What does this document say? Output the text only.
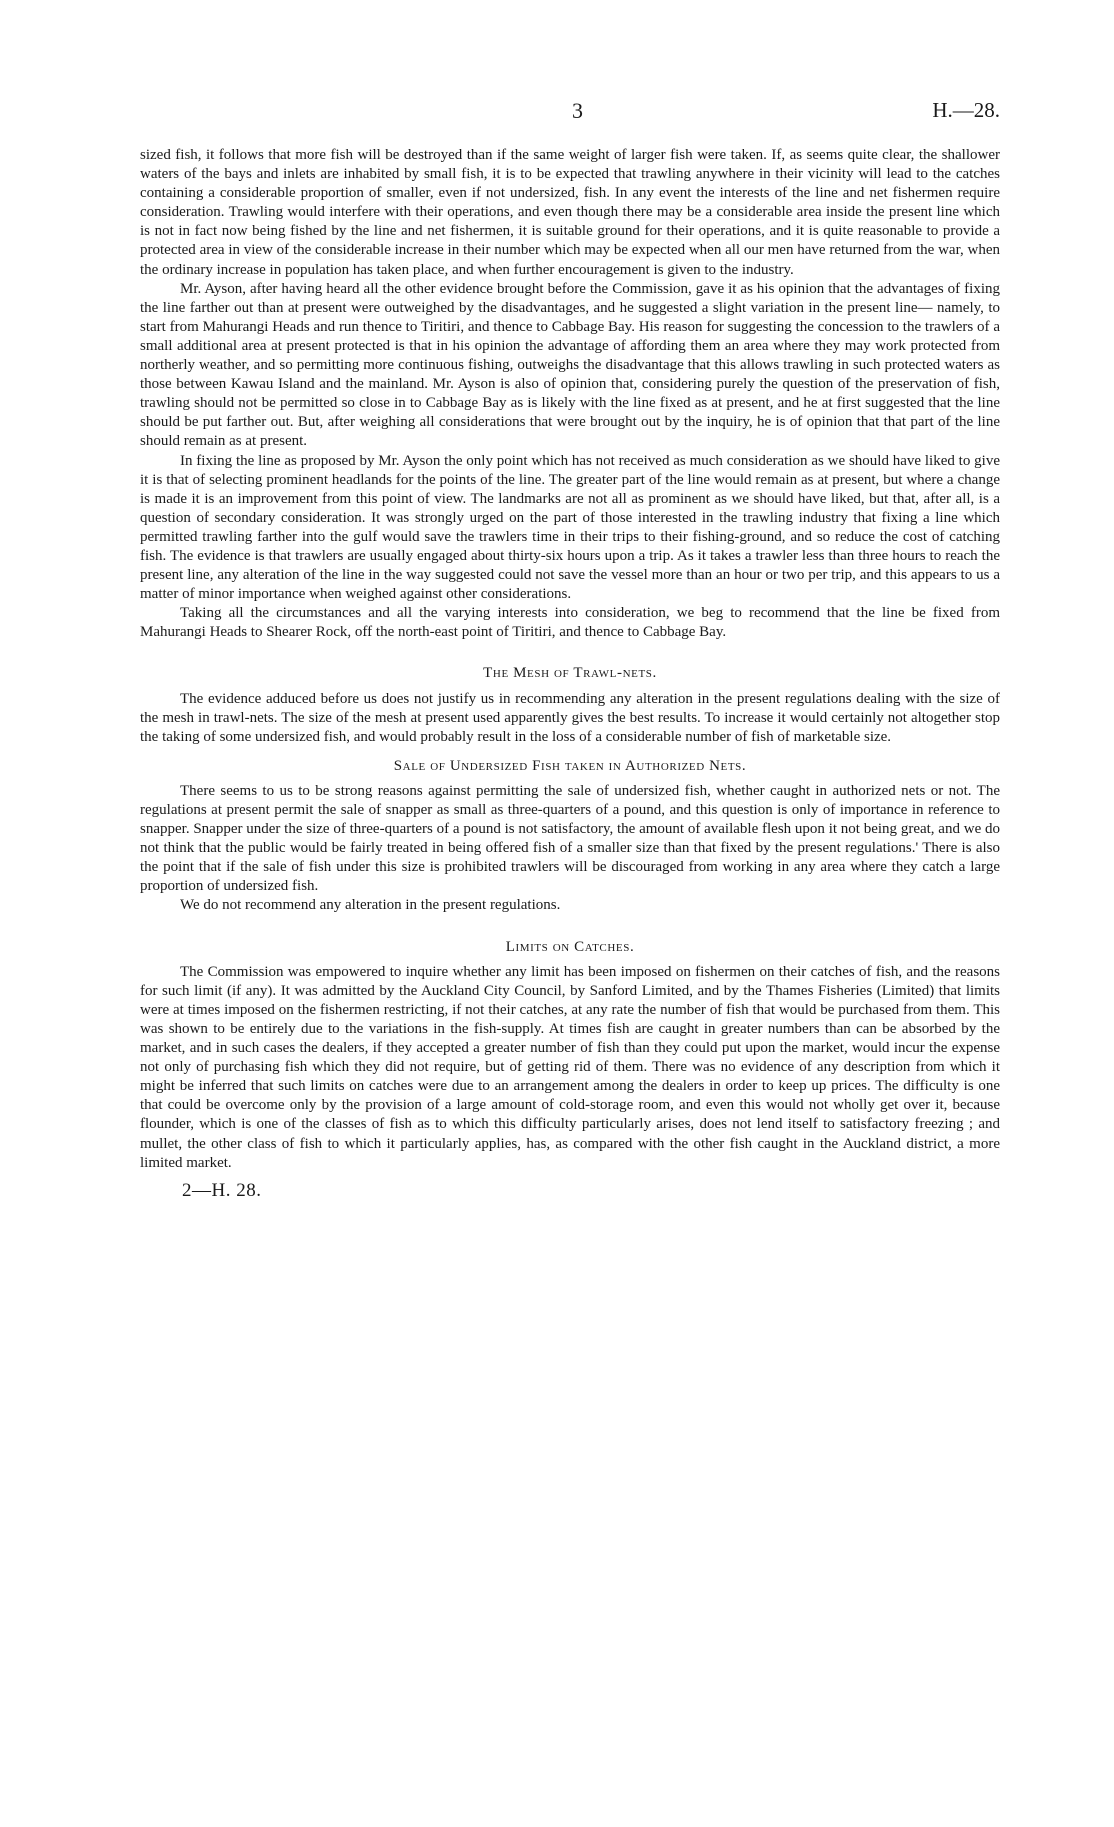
3	H.—28.

sized fish, it follows that more fish will be destroyed than if the same weight of larger fish were taken. If, as seems quite clear, the shallower waters of the bays and inlets are inhabited by small fish, it is to be expected that trawling anywhere in their vicinity will lead to the catches containing a considerable proportion of smaller, even if not undersized, fish. In any event the interests of the line and net fishermen require consideration. Trawling would interfere with their operations, and even though there may be a considerable area inside the present line which is not in fact now being fished by the line and net fishermen, it is suitable ground for their operations, and it is quite reasonable to provide a protected area in view of the considerable increase in their number which may be expected when all our men have returned from the war, when the ordinary increase in population has taken place, and when further encouragement is given to the industry.

Mr. Ayson, after having heard all the other evidence brought before the Commission, gave it as his opinion that the advantages of fixing the line farther out than at present were outweighed by the disadvantages, and he suggested a slight variation in the present line— namely, to start from Mahurangi Heads and run thence to Tiritiri, and thence to Cabbage Bay. His reason for suggesting the concession to the trawlers of a small additional area at present protected is that in his opinion the advantage of affording them an area where they may work protected from northerly weather, and so permitting more continuous fishing, outweighs the disadvantage that this allows trawling in such protected waters as those between Kawau Island and the mainland. Mr. Ayson is also of opinion that, considering purely the question of the preservation of fish, trawling should not be permitted so close in to Cabbage Bay as is likely with the line fixed as at present, and he at first suggested that the line should be put farther out. But, after weighing all considerations that were brought out by the inquiry, he is of opinion that that part of the line should remain as at present.

In fixing the line as proposed by Mr. Ayson the only point which has not received as much consideration as we should have liked to give it is that of selecting prominent headlands for the points of the line. The greater part of the line would remain as at present, but where a change is made it is an improvement from this point of view. The landmarks are not all as prominent as we should have liked, but that, after all, is a question of secondary consideration. It was strongly urged on the part of those interested in the trawling industry that fixing a line which permitted trawling farther into the gulf would save the trawlers time in their trips to their fishing-ground, and so reduce the cost of catching fish. The evidence is that trawlers are usually engaged about thirty-six hours upon a trip. As it takes a trawler less than three hours to reach the present line, any alteration of the line in the way suggested could not save the vessel more than an hour or two per trip, and this appears to us a matter of minor importance when weighed against other considerations.

Taking all the circumstances and all the varying interests into consideration, we beg to recommend that the line be fixed from Mahurangi Heads to Shearer Rock, off the north-east point of Tiritiri, and thence to Cabbage Bay.

The Mesh of Trawl-nets.

The evidence adduced before us does not justify us in recommending any alteration in the present regulations dealing with the size of the mesh in trawl-nets. The size of the mesh at present used apparently gives the best results. To increase it would certainly not altogether stop the taking of some undersized fish, and would probably result in the loss of a considerable number of fish of marketable size.

Sale of Undersized Fish taken in Authorized Nets.

There seems to us to be strong reasons against permitting the sale of undersized fish, whether caught in authorized nets or not. The regulations at present permit the sale of snapper as small as three-quarters of a pound, and this question is only of importance in reference to snapper. Snapper under the size of three-quarters of a pound is not satisfactory, the amount of available flesh upon it not being great, and we do not think that the public would be fairly treated in being offered fish of a smaller size than that fixed by the present regulations.' There is also the point that if the sale of fish under this size is prohibited trawlers will be discouraged from working in any area where they catch a large proportion of undersized fish.

We do not recommend any alteration in the present regulations.

Limits on Catches.

The Commission was empowered to inquire whether any limit has been imposed on fishermen on their catches of fish, and the reasons for such limit (if any). It was admitted by the Auckland City Council, by Sanford Limited, and by the Thames Fisheries (Limited) that limits were at times imposed on the fishermen restricting, if not their catches, at any rate the number of fish that would be purchased from them. This was shown to be entirely due to the variations in the fish-supply. At times fish are caught in greater numbers than can be absorbed by the market, and in such cases the dealers, if they accepted a greater number of fish than they could put upon the market, would incur the expense not only of purchasing fish which they did not require, but of getting rid of them. There was no evidence of any description from which it might be inferred that such limits on catches were due to an arrangement among the dealers in order to keep up prices. The difficulty is one that could be overcome only by the provision of a large amount of cold-storage room, and even this would not wholly get over it, because flounder, which is one of the classes of fish as to which this difficulty particularly arises, does not lend itself to satisfactory freezing ; and mullet, the other class of fish to which it particularly applies, has, as compared with the other fish caught in the Auckland district, a more limited market.

2—H. 28.
